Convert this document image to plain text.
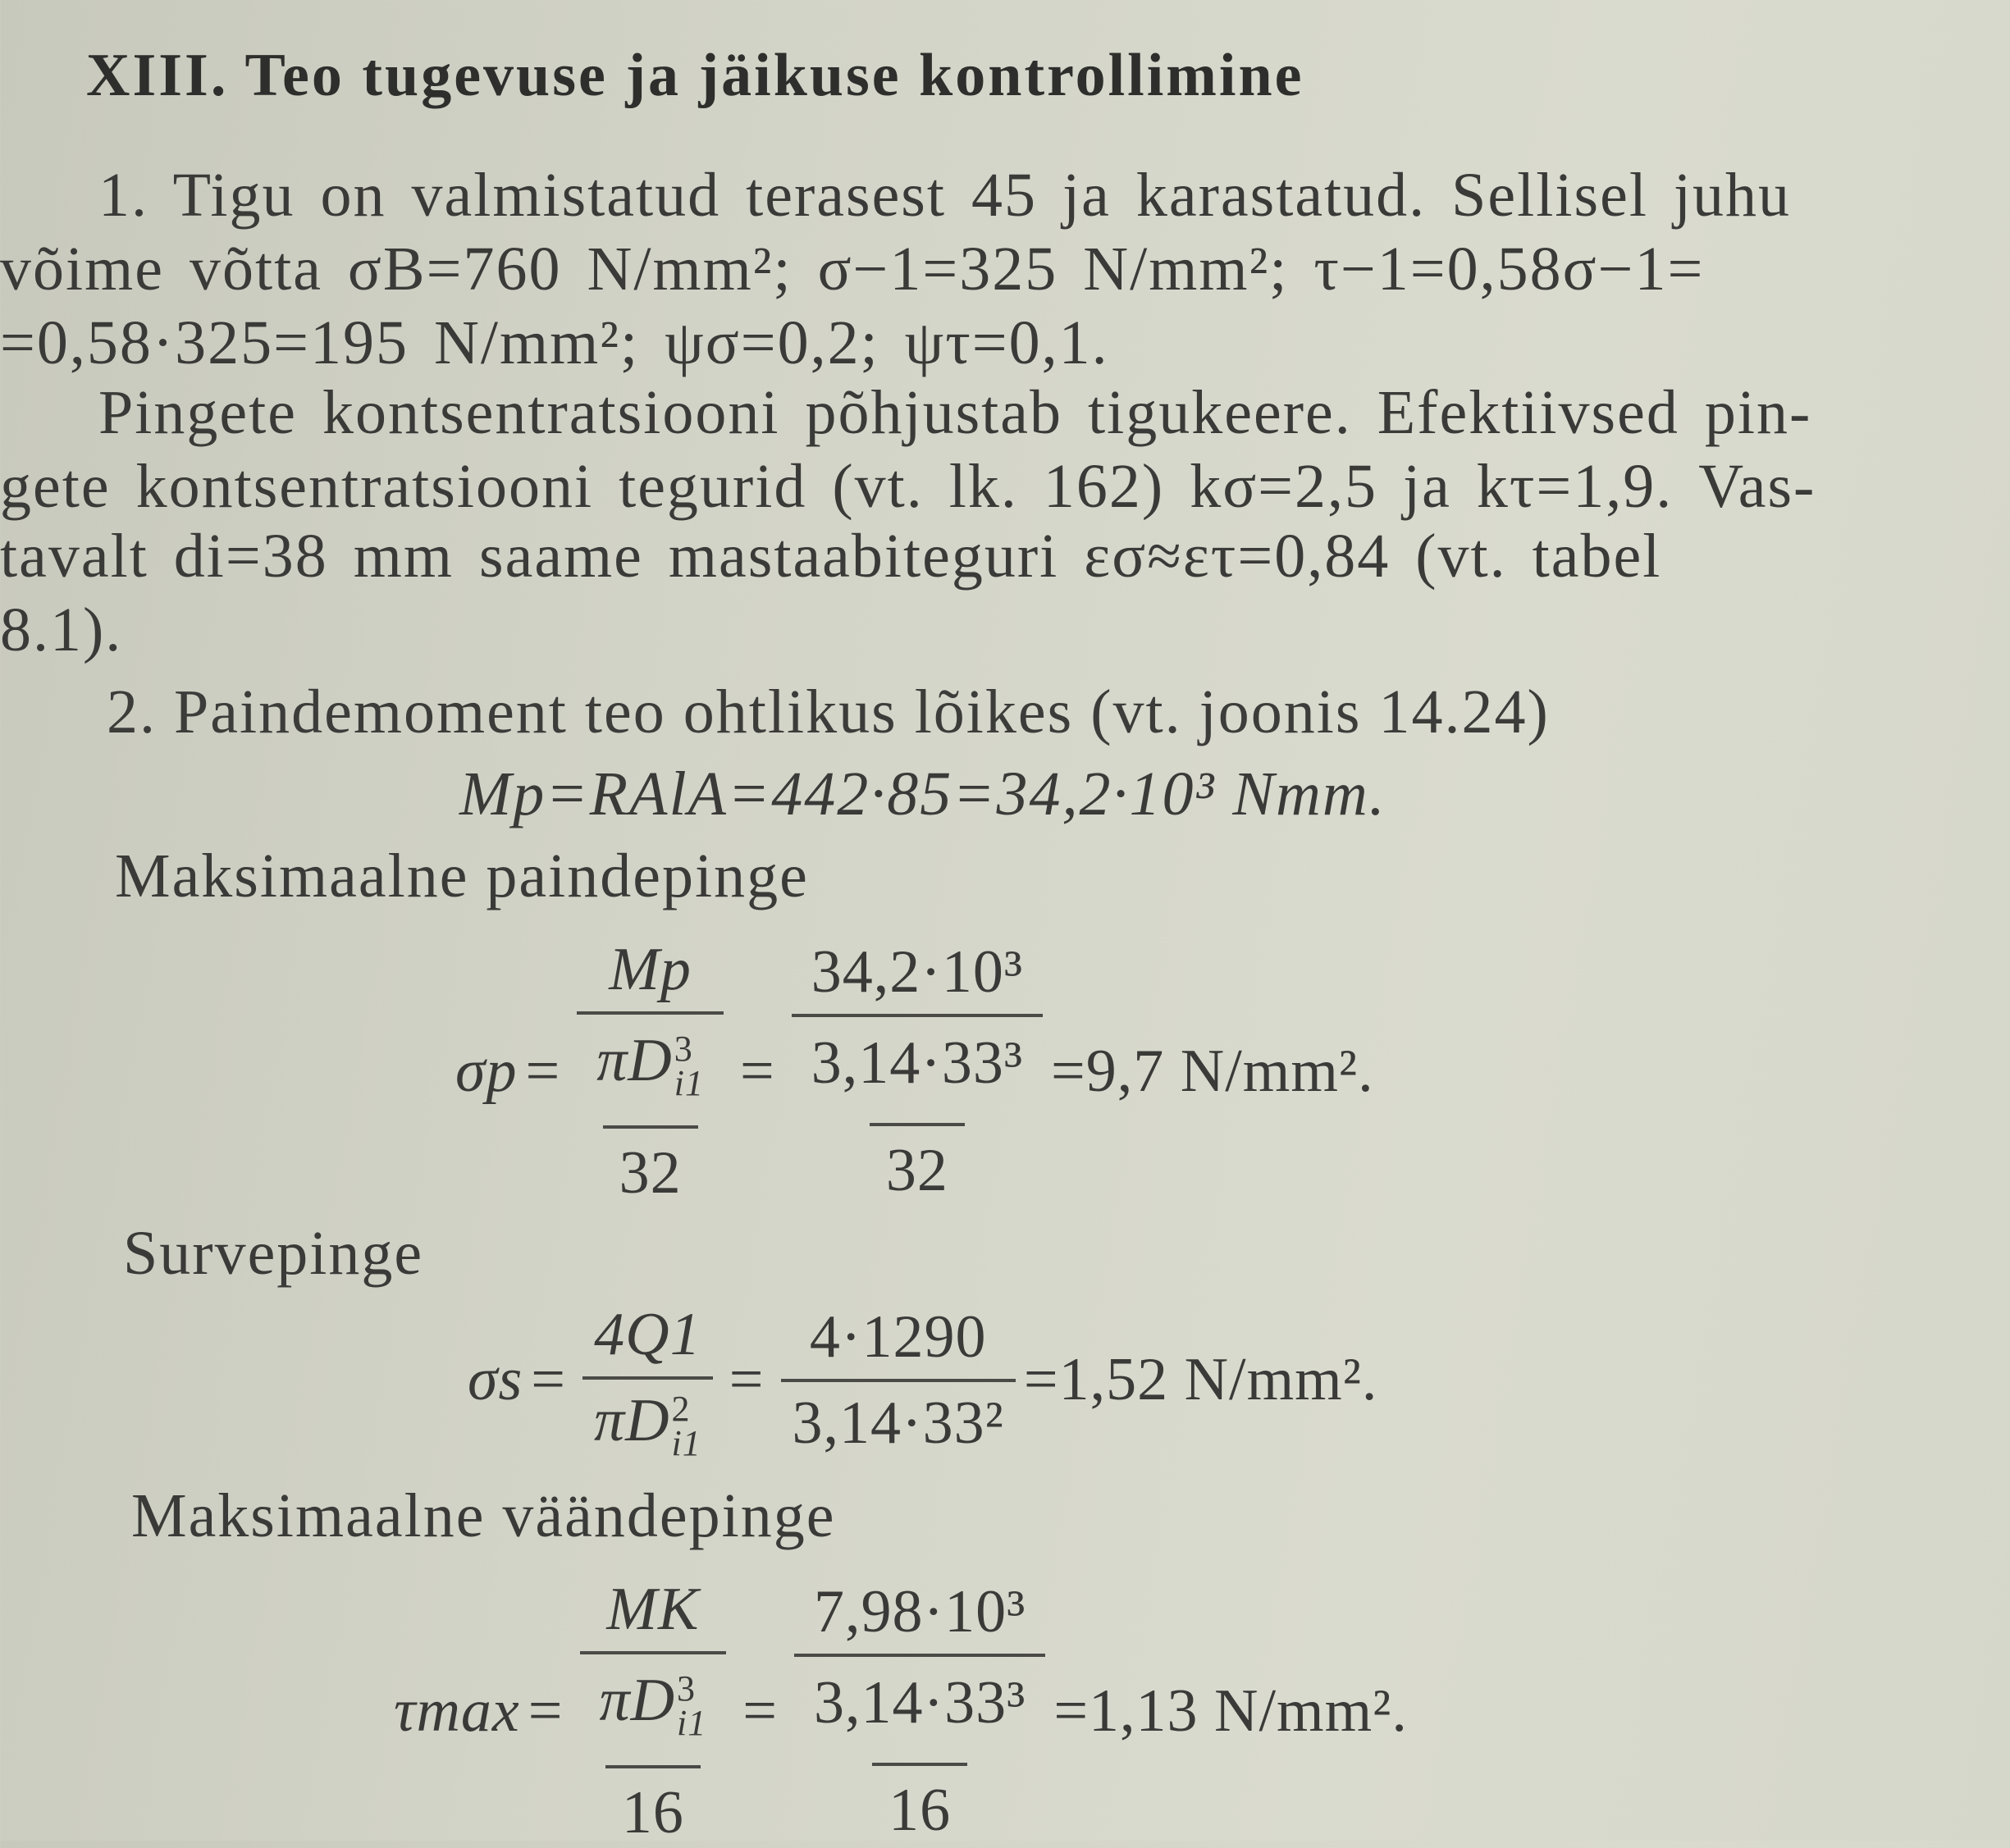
XIII. Teo tugevuse ja jäikuse kontrollimine
1. Tigu on valmistatud terasest 45 ja karastatud. Sellisel juhu
võime võtta σB=760 N/mm²; σ−1=325 N/mm²; τ−1=0,58σ−1=
=0,58·325=195 N/mm²; ψσ=0,2; ψτ=0,1.
Pingete kontsentratsiooni põhjustab tigukeere. Efektiivsed pin-
gete kontsentratsiooni tegurid (vt. lk. 162) kσ=2,5 ja kτ=1,9. Vas-
tavalt di=38 mm saame mastaabiteguri εσ≈ετ=0,84 (vt. tabel
8.1).
2. Paindemoment teo ohtlikus lõikes (vt. joonis 14.24)
Mp=RAlA=442·85=34,2·10³ Nmm.
Maksimaalne paindepinge
σp = Mp
πD 3
i1
$32 = \frac{\text{34,2·10³}}{\frac{\text{3,14·33³}}{32}} =9,7$ N/mm².
Survepinge
σs = 4Q1
πD 2
$i1 = \frac{4\cdot 1290}{\text{3,14·33²}} =1,52$ N/mm².
Maksimaalne väändepinge
τmax = MK
πD 3
i1
$16 = \frac{\text{7,98·10³}}{\frac{\text{3,14·33³}}{16}} =1,13$ N/mm².
